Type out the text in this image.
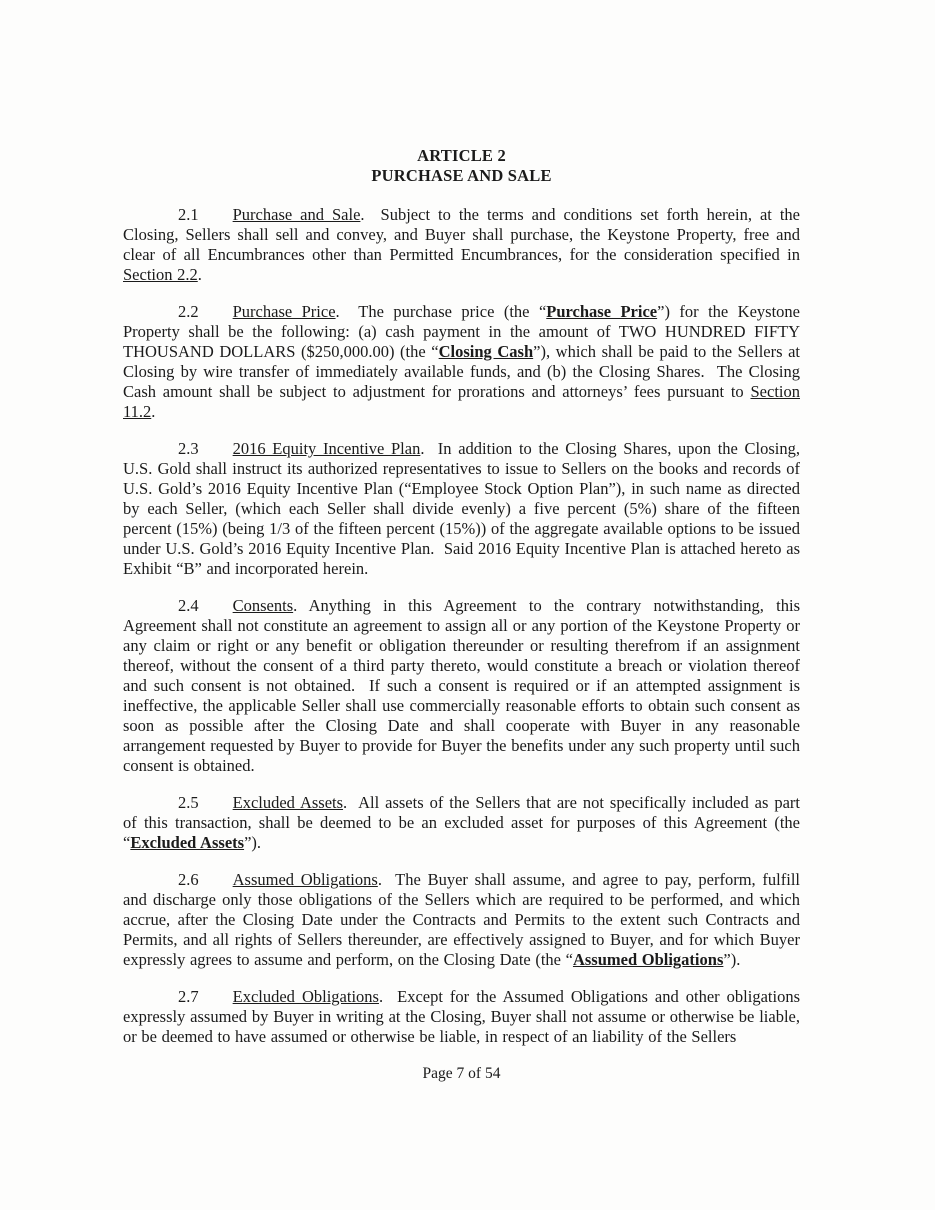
ARTICLE 2
PURCHASE AND SALE

2.1 Purchase and Sale.  Subject to the terms and conditions set forth herein, at the Closing, Sellers shall sell and convey, and Buyer shall purchase, the Keystone Property, free and clear of all Encumbrances other than Permitted Encumbrances, for the consideration specified in Section 2.2.

2.2 Purchase Price.  The purchase price (the “Purchase Price”) for the Keystone Property shall be the following: (a) cash payment in the amount of TWO HUNDRED FIFTY THOUSAND DOLLARS ($250,000.00) (the “Closing Cash”), which shall be paid to the Sellers at Closing by wire transfer of immediately available funds, and (b) the Closing Shares.  The Closing Cash amount shall be subject to adjustment for prorations and attorneys’ fees pursuant to Section 11.2.

2.3 2016 Equity Incentive Plan.  In addition to the Closing Shares, upon the Closing, U.S. Gold shall instruct its authorized representatives to issue to Sellers on the books and records of U.S. Gold’s 2016 Equity Incentive Plan (“Employee Stock Option Plan”), in such name as directed by each Seller, (which each Seller shall divide evenly) a five percent (5%) share of the fifteen percent (15%) (being 1/3 of the fifteen percent (15%)) of the aggregate available options to be issued under U.S. Gold’s 2016 Equity Incentive Plan.  Said 2016 Equity Incentive Plan is attached hereto as Exhibit “B” and incorporated herein.

2.4 Consents. Anything in this Agreement to the contrary notwithstanding, this Agreement shall not constitute an agreement to assign all or any portion of the Keystone Property or any claim or right or any benefit or obligation thereunder or resulting therefrom if an assignment thereof, without the consent of a third party thereto, would constitute a breach or violation thereof and such consent is not obtained.  If such a consent is required or if an attempted assignment is ineffective, the applicable Seller shall use commercially reasonable efforts to obtain such consent as soon as possible after the Closing Date and shall cooperate with Buyer in any reasonable arrangement requested by Buyer to provide for Buyer the benefits under any such property until such consent is obtained.

2.5 Excluded Assets.  All assets of the Sellers that are not specifically included as part of this transaction, shall be deemed to be an excluded asset for purposes of this Agreement (the “Excluded Assets”).

2.6 Assumed Obligations.  The Buyer shall assume, and agree to pay, perform, fulfill and discharge only those obligations of the Sellers which are required to be performed, and which accrue, after the Closing Date under the Contracts and Permits to the extent such Contracts and Permits, and all rights of Sellers thereunder, are effectively assigned to Buyer, and for which Buyer expressly agrees to assume and perform, on the Closing Date (the “Assumed Obligations”).

2.7 Excluded Obligations.  Except for the Assumed Obligations and other obligations expressly assumed by Buyer in writing at the Closing, Buyer shall not assume or otherwise be liable, or be deemed to have assumed or otherwise be liable, in respect of an liability of the Sellers

Page 7 of 54
